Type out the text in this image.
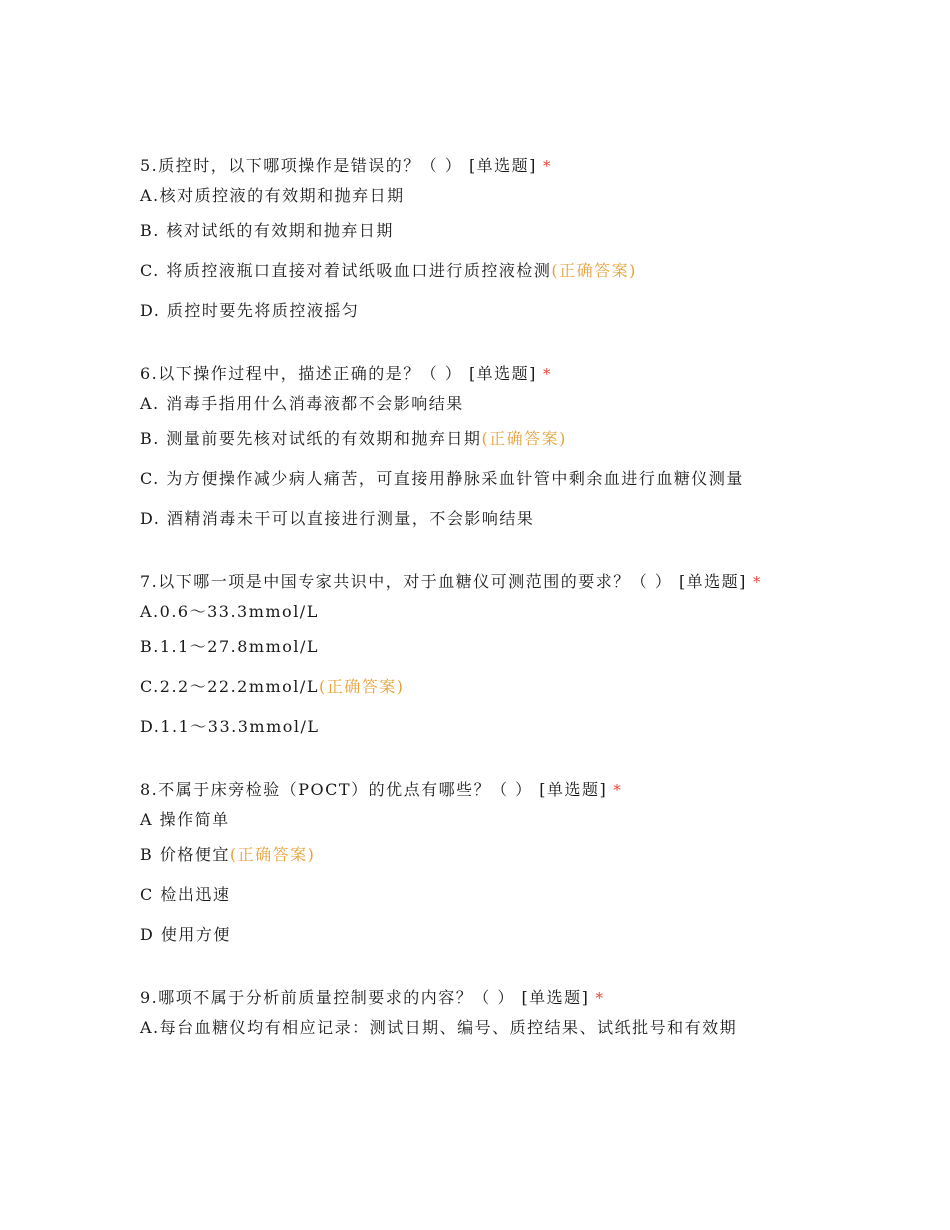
5.质控时，以下哪项操作是错误的？（ ） [单选题] *
A.核对质控液的有效期和抛弃日期
B. 核对试纸的有效期和抛弃日期
C. 将质控液瓶口直接对着试纸吸血口进行质控液检测(正确答案)
D. 质控时要先将质控液摇匀
6.以下操作过程中，描述正确的是？（ ） [单选题] *
A. 消毒手指用什么消毒液都不会影响结果
B. 测量前要先核对试纸的有效期和抛弃日期(正确答案)
C. 为方便操作减少病人痛苦，可直接用静脉采血针管中剩余血进行血糖仪测量
D. 酒精消毒未干可以直接进行测量，不会影响结果
7.以下哪一项是中国专家共识中，对于血糖仪可测范围的要求？（ ） [单选题] *
A.0.6～33.3mmol/L
B.1.1～27.8mmol/L
C.2.2～22.2mmol/L(正确答案)
D.1.1～33.3mmol/L
8.不属于床旁检验（POCT）的优点有哪些？（ ） [单选题] *
A 操作简单
B 价格便宜(正确答案)
C 检出迅速
D 使用方便
9.哪项不属于分析前质量控制要求的内容？（ ） [单选题] *
A.每台血糖仪均有相应记录：测试日期、编号、质控结果、试纸批号和有效期
